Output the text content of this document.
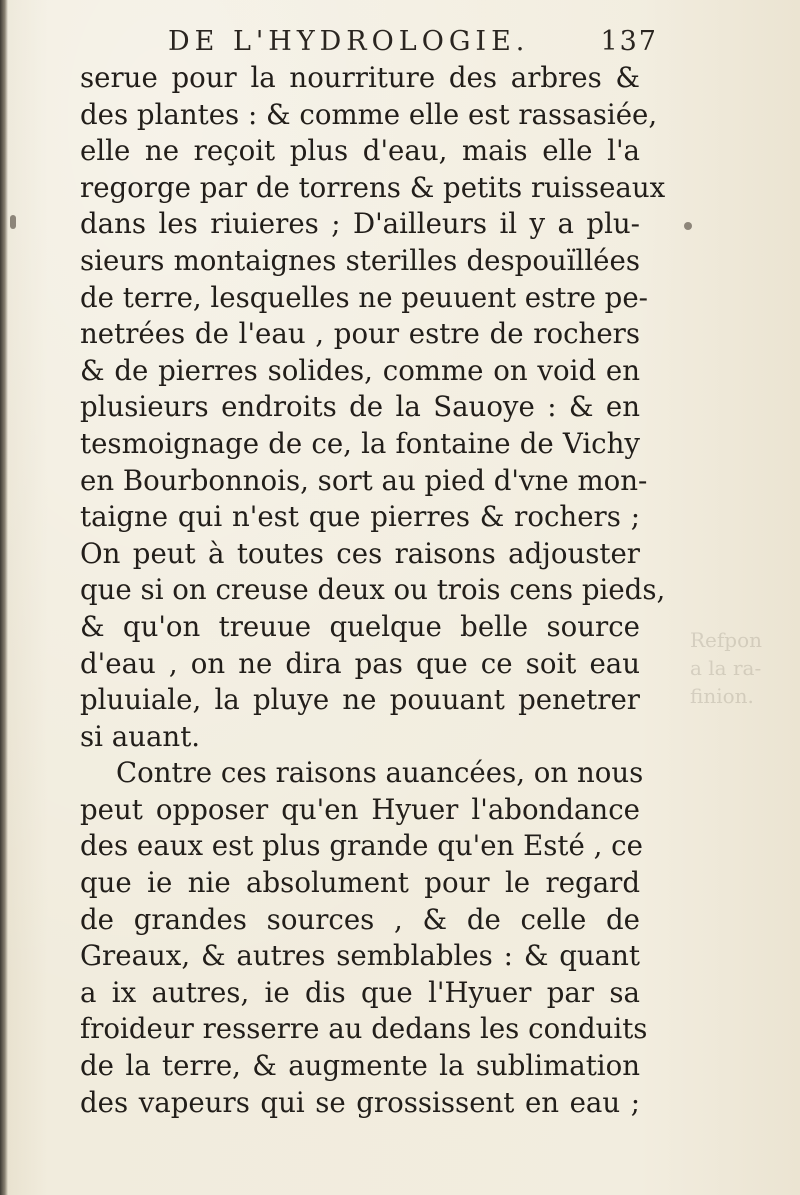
Refpon
a la ra-
finion.

DE L'HYDROLOGIE.	137
serue pour la nourriture des arbres &
des plantes : & comme elle est rassasiée,
elle ne reçoit plus d'eau, mais elle l'a
regorge par de torrens & petits ruisseaux
dans les riuieres ; D'ailleurs il y a plu-
sieurs montaignes sterilles despouïllées
de terre, lesquelles ne peuuent estre pe-
netrées de l'eau , pour estre de rochers
& de pierres solides, comme on void en
plusieurs endroits de la Sauoye : & en
tesmoignage de ce, la fontaine de Vichy
en Bourbonnois, sort au pied d'vne mon-
taigne qui n'est que pierres & rochers ;
On peut à toutes ces raisons adjouster
que si on creuse deux ou trois cens pieds,
& qu'on treuue quelque belle source
d'eau , on ne dira pas que ce soit eau
pluuiale, la pluye ne pouuant penetrer
si auant.
Contre ces raisons auancées, on nous
peut opposer qu'en Hyuer l'abondance
des eaux est plus grande qu'en Esté , ce
que ie nie absolument pour le regard
de grandes sources , & de celle de
Greaux, & autres semblables : & quant
a ix autres, ie dis que l'Hyuer par sa
froideur resserre au dedans les conduits
de la terre, & augmente la sublimation
des vapeurs qui se grossissent en eau ;
